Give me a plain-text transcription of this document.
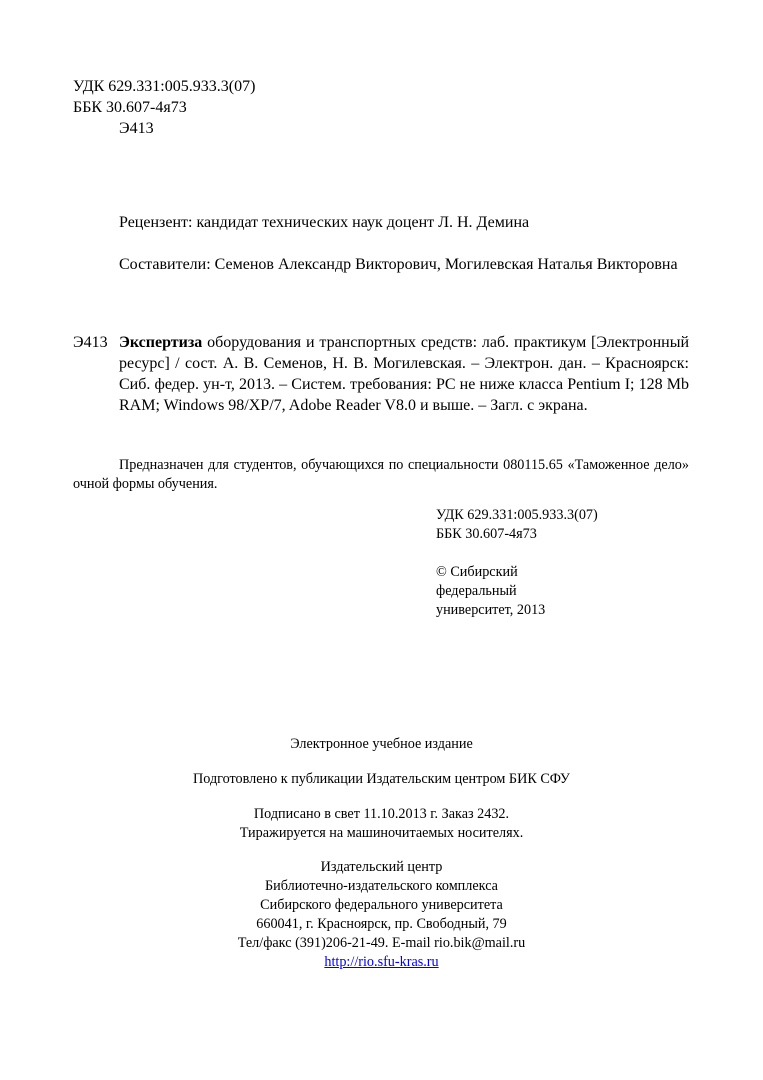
УДК 629.331:005.933.3(07)
ББК 30.607-4я73
Э413
Рецензент: кандидат технических наук доцент Л. Н. Демина

Составители: Семенов Александр Викторович, Могилевская Наталья Викторовна

Э413 Экспертиза оборудования и транспортных средств: лаб. практикум [Электронный ресурс] / сост. А. В. Семенов, Н. В. Могилевская. – Электрон. дан. – Красноярск: Сиб. федер. ун-т, 2013. – Систем. требования: PC не ниже класса Pentium I; 128 Mb RAM; Windows 98/XP/7, Adobe Reader V8.0 и выше. – Загл. с экрана.

Предназначен для студентов, обучающихся по специальности 080115.65 «Таможенное дело» очной формы обучения.

УДК 629.331:005.933.3(07)
ББК 30.607-4я73
© Сибирский
федеральный
университет, 2013
Электронное учебное издание
Подготовлено к публикации Издательским центром БИК СФУ
Подписано в свет 11.10.2013 г. Заказ 2432.
Тиражируется на машиночитаемых носителях.
Издательский центр
Библиотечно-издательского комплекса
Сибирского федерального университета
660041, г. Красноярск, пр. Свободный, 79
Тел/факс (391)206-21-49. E-mail rio.bik@mail.ru
http://rio.sfu-kras.ru
